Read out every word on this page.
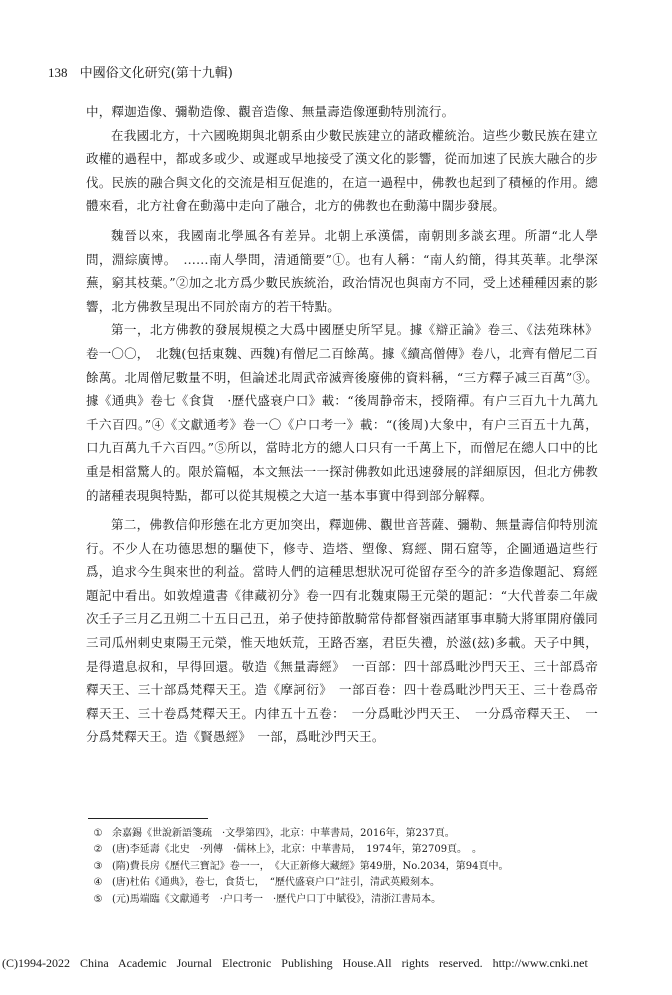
138 中國俗文化研究(第十九輯)

中，釋迦造像、彌勒造像、觀音造像、無量壽造像運動特別流行。

在我國北方，十六國晚期與北朝系由少數民族建立的諸政權統治。這些少數民族在建立政權的過程中，都或多或少、或遲或早地接受了漢文化的影響，從而加速了民族大融合的步伐。民族的融合與文化的交流是相互促進的，在這一過程中，佛教也起到了積極的作用。總體來看，北方社會在動蕩中走向了融合，北方的佛教也在動蕩中闊步發展。

魏晉以來，我國南北學風各有差异。北朝上承漢儒，南朝則多談玄理。所謂“北人學問，淵綜廣博。　……南人學問，清通簡要”①。也有人稱：“南人約簡，得其英華。北學深蕪，窮其枝葉。”②加之北方爲少數民族統治，政治情况也與南方不同，受上述種種因素的影響，北方佛教呈現出不同於南方的若干特點。

第一，北方佛教的發展規模之大爲中國歷史所罕見。據《辯正論》卷三、《法苑珠林》卷一〇〇，　北魏(包括東魏、西魏)有僧尼二百餘萬。據《續高僧傳》卷八，北齊有僧尼二百餘萬。北周僧尼數量不明，但論述北周武帝滅齊後廢佛的資料稱，“三方釋子减三百萬”③。據《通典》卷七《食貨　·歷代盛衰户口》載：“後周静帝末，授隋禪。有户三百九十九萬九千六百四。”④《文獻通考》卷一〇《户口考一》載：“(後周)大象中，有户三百五十九萬，口九百萬九千六百四。”⑤所以，當時北方的總人口只有一千萬上下，而僧尼在總人口中的比重是相當驚人的。限於篇幅，本文無法一一探討佛教如此迅速發展的詳細原因，但北方佛教的諸種表現與特點，都可以從其規模之大這一基本事實中得到部分解釋。

第二，佛教信仰形態在北方更加突出，釋迦佛、觀世音菩薩、彌勒、無量壽信仰特別流行。不少人在功德思想的驅使下，修寺、造塔、塑像、寫經、開石窟等，企圖通過這些行爲，追求今生與來世的利益。當時人們的這種思想狀况可從留存至今的許多造像題記、寫經題記中看出。如敦煌遺書《律藏初分》卷一四有北魏東陽王元榮的題記：“大代普泰二年歲次壬子三月乙丑朔二十五日己丑，弟子使持節散騎常侍都督嶺西諸軍事車騎大將軍開府儀同三司瓜州刺史東陽王元榮，惟天地妖荒，王路否塞，君臣失禮，於滋(玆)多載。天子中興，是得遣息叔和，早得回還。敬造《無量壽經》　一百部：四十部爲毗沙門天王、三十部爲帝釋天王、三十部爲梵釋天王。造《摩訶衍》　一部百卷：四十卷爲毗沙門天王、三十卷爲帝釋天王、三十卷爲梵釋天王。内律五十五卷：　一分爲毗沙門天王、　一分爲帝釋天王、　一分爲梵釋天王。造《賢愚經》　一部，爲毗沙門天王。

① 余嘉錫《世說新語箋疏　·文學第四》，北京：中華書局，2016年，第237頁。
② (唐)李延壽《北史　·列傳　·儒林上》，北京：中華書局，　1974年，第2709頁。　。
③ (隋)費長房《歷代三寶記》卷一一，　《大正新修大藏經》第49册，No.2034，第94頁中。
④ (唐)杜佑《通典》，卷七，食货七，　“歷代盛衰户口”註引，清武英殿刻本。
⑤ (元)馬端臨《文獻通考　·户口考一　·歷代户口丁中賦役》，清浙江書局本。
(C)1994-2022 China Academic Journal Electronic Publishing House.All rights reserved. http://www.cnki.net
